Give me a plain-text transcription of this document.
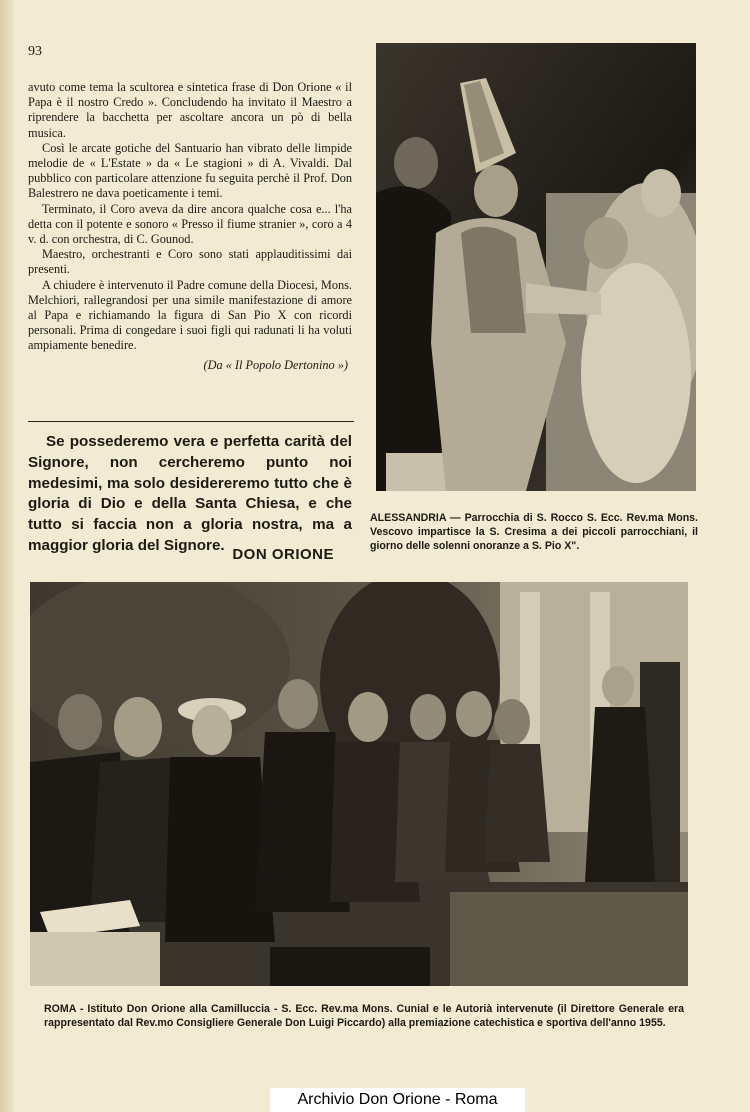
93

avuto come tema la scultorea e sintetica frase di Don Orione « il Papa è il nostro Credo ». Concludendo ha invitato il Maestro a riprendere la bacchetta per ascoltare ancora un pò di bella musica.

Così le arcate gotiche del Santuario han vibrato delle limpide melodie de « L'Estate » da « Le stagioni » di A. Vivaldi. Dal pubblico con particolare attenzione fu seguita perchè il Prof. Don Balestrero ne dava poeticamente i temi.

Terminato, il Coro aveva da dire ancora qualche cosa e... l'ha detta con il potente e sonoro « Presso il fiume stranier », coro a 4 v. d. con orchestra, di C. Gounod.

Maestro, orchestranti e Coro sono stati applauditissimi dai presenti.

A chiudere è intervenuto il Padre comune della Diocesi, Mons. Melchiori, rallegrandosi per una simile manifestazione di amore al Papa e richiamando la figura di San Pio X con ricordi personali. Prima di congedare i suoi figli qui radunati li ha voluti ampiamente benedire.

(Da « Il Popolo Dertonino »)

Se possederemo vera e perfetta carità del Signore, non cercheremo punto noi medesimi, ma solo desidereremo tutto che è gloria di Dio e della Santa Chiesa, e che tutto si faccia non a gloria nostra, ma a maggior gloria del Signore.

DON ORIONE
ALESSANDRIA — Parrocchia di S. Rocco S. Ecc. Rev.ma Mons. Vescovo impartisce la S. Cresima a dei piccoli parrocchiani, il giorno delle solenni onoranze a S. Pio X".
ROMA - Istituto Don Orione alla Camilluccia - S. Ecc. Rev.ma Mons. Cunial e le Autorià intervenute (il Direttore Generale era rappresentato dal Rev.mo Consigliere Generale Don Luigi Piccardo) alla premiazione catechistica e sportiva dell'anno 1955.
Archivio Don Orione - Roma
